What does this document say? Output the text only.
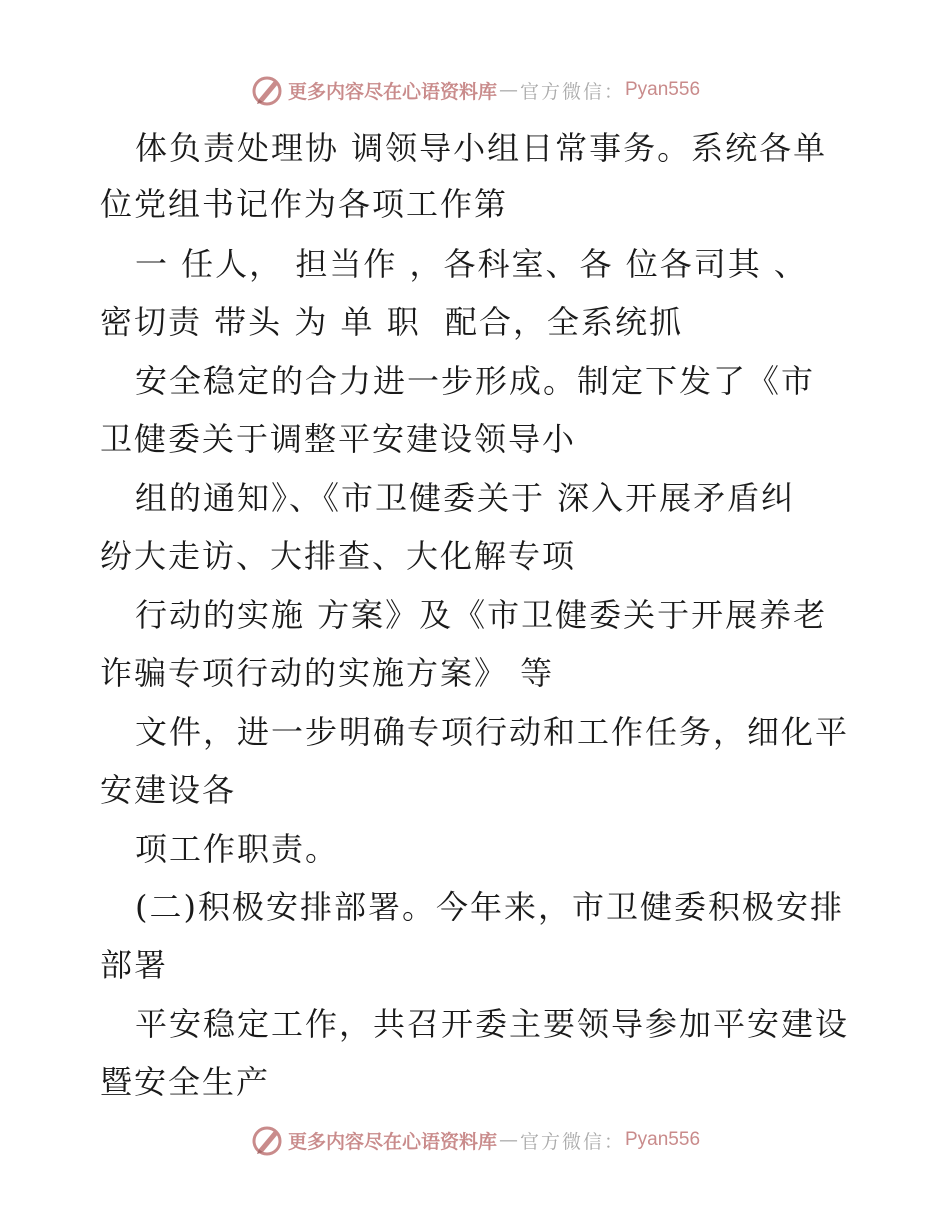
更多内容尽在心语资料库 — 官方微信： Pyan556
体负责处理协 调领导小组日常事务。系统各单
位党组书记作为各项工作第
一 任人， 担当作 ，各科室、各 位各司其 、
密切责 带头 为 单 职  配合，全系统抓
安全稳定的合力进一步形成。制定下发了《市
卫健委关于调整平安建设领导小
组的通知》、《市卫健委关于 深入开展矛盾纠
纷大走访、大排查、大化解专项
行动的实施 方案》及《市卫健委关于开展养老
诈骗专项行动的实施方案》 等
文件，进一步明确专项行动和工作任务，细化平
安建设各
项工作职责。
(二)积极安排部署。今年来，市卫健委积极安排
部署
平安稳定工作，共召开委主要领导参加平安建设
暨安全生产
更多内容尽在心语资料库 — 官方微信： Pyan556
